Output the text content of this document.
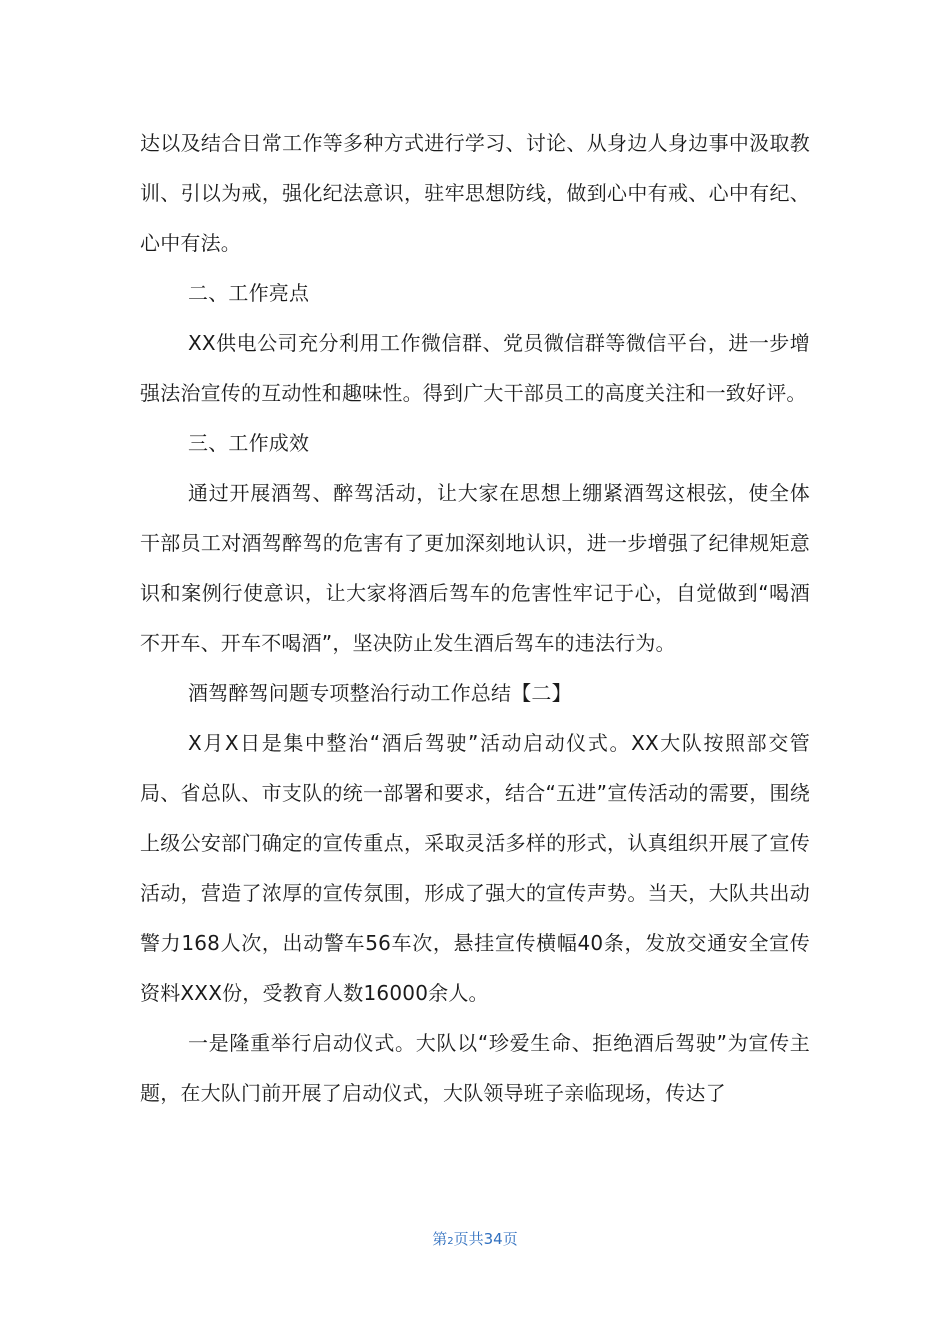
达以及结合日常工作等多种方式进行学习、讨论、从身边人身边事中汲取教训、引以为戒，强化纪法意识，驻牢思想防线，做到心中有戒、心中有纪、心中有法。

二、工作亮点

XX供电公司充分利用工作微信群、党员微信群等微信平台，进一步增强法治宣传的互动性和趣味性。得到广大干部员工的高度关注和一致好评。

三、工作成效

通过开展酒驾、醉驾活动，让大家在思想上绷紧酒驾这根弦，使全体干部员工对酒驾醉驾的危害有了更加深刻地认识，进一步增强了纪律规矩意识和案例行使意识，让大家将酒后驾车的危害性牢记于心，自觉做到“喝酒不开车、开车不喝酒”，坚决防止发生酒后驾车的违法行为。

酒驾醉驾问题专项整治行动工作总结【二】

X月X日是集中整治“酒后驾驶”活动启动仪式。XX大队按照部交管局、省总队、市支队的统一部署和要求，结合“五进”宣传活动的需要，围绕上级公安部门确定的宣传重点，采取灵活多样的形式，认真组织开展了宣传活动，营造了浓厚的宣传氛围，形成了强大的宣传声势。当天，大队共出动警力168人次，出动警车56车次，悬挂宣传横幅40条，发放交通安全宣传资料XXX份，受教育人数16000余人。

一是隆重举行启动仪式。大队以“珍爱生命、拒绝酒后驾驶”为宣传主题，在大队门前开展了启动仪式，大队领导班子亲临现场，传达了

第2页共34页
